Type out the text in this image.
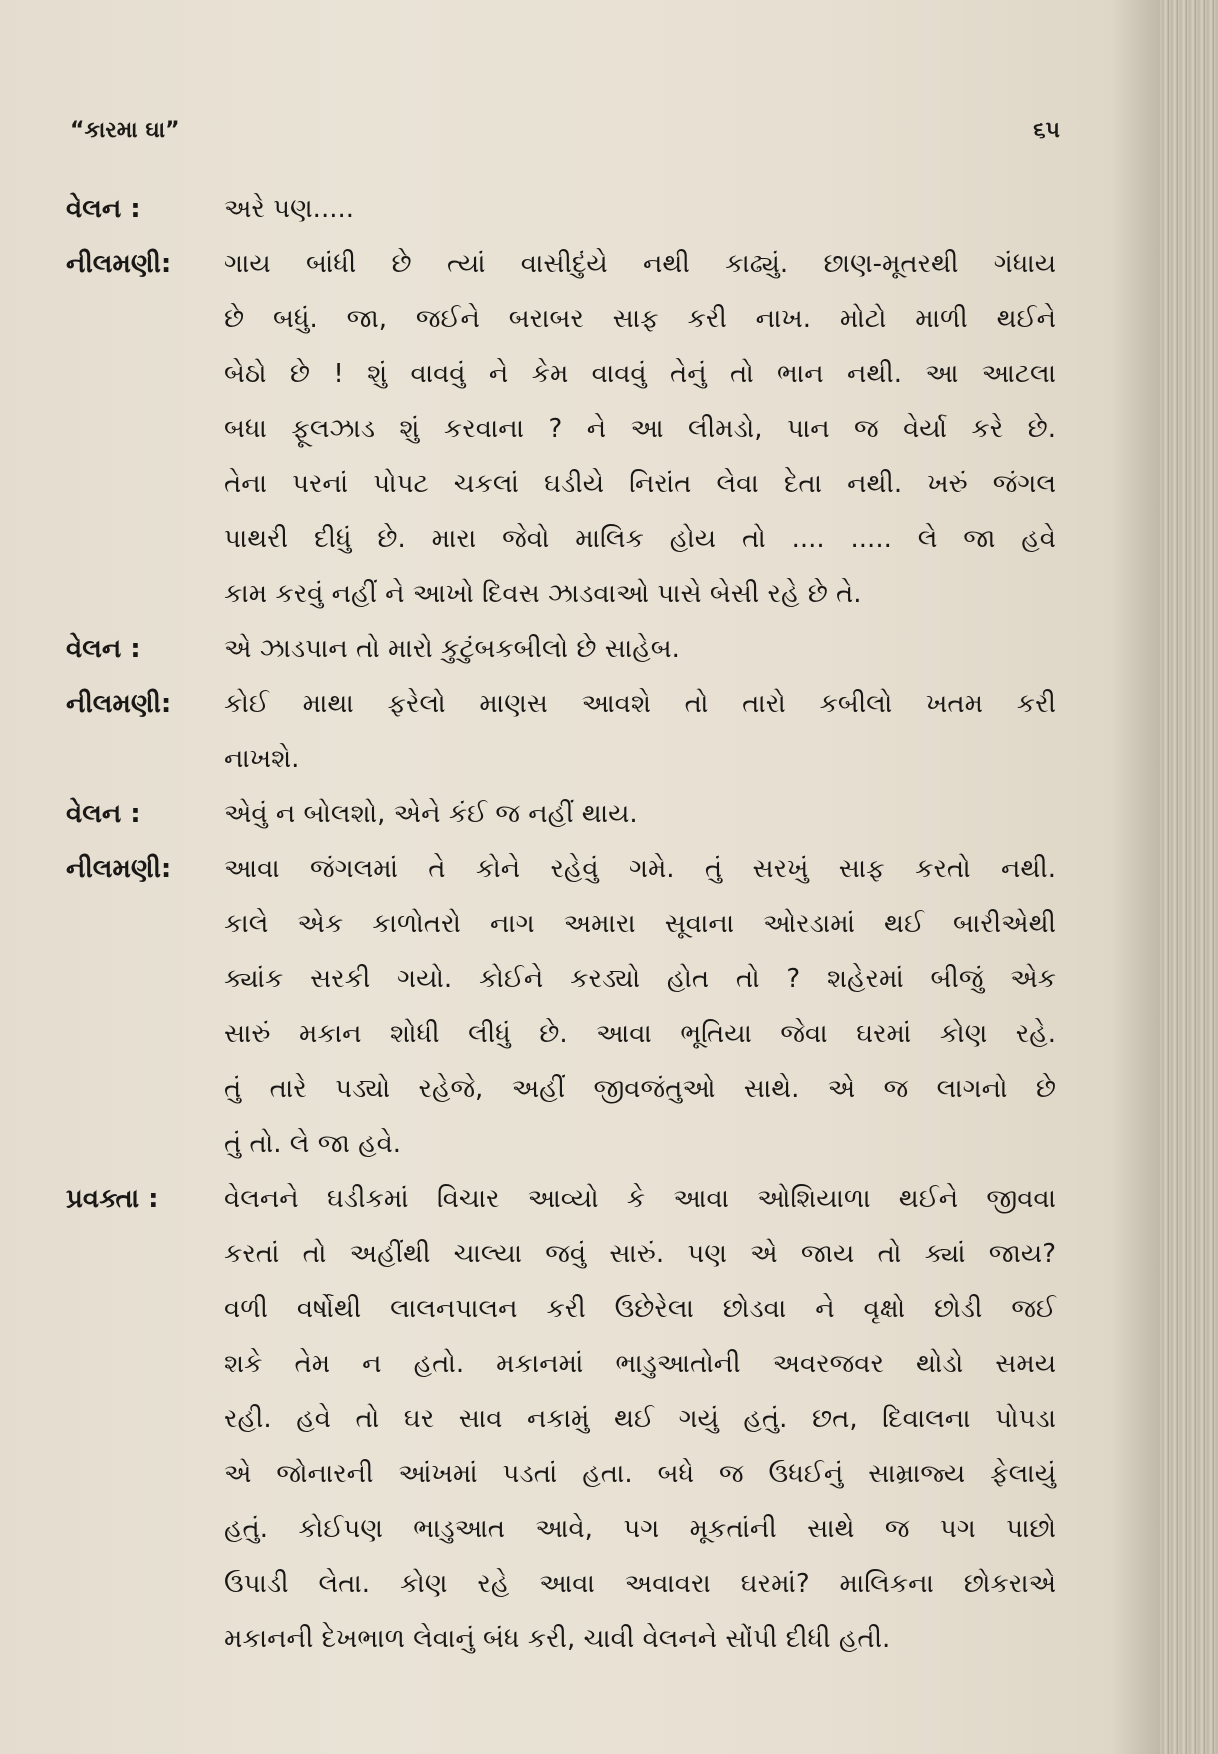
“કારમા ઘા”	૬૫
વેલન :	અરે પણ.....
નીલમણી:	ગાય બાંધી છે ત્યાં વાસીદુંયે નથી કાઢ્યું. છાણ-મૂતરથી ગંધાય
છે બધું. જા, જઈને બરાબર સાફ કરી નાખ. મોટો માળી થઈને
બેઠો છે ! શું વાવવું ને કેમ વાવવું તેનું તો ભાન નથી. આ આટલા
બધા ફૂલઝાડ શું કરવાના ? ને આ લીમડો, પાન જ વેર્યા કરે છે.
તેના પરનાં પોપટ ચકલાં ઘડીયે નિરાંત લેવા દેતા નથી. ખરું જંગલ
પાથરી દીધું છે. મારા જેવો માલિક હોય તો .... ..... લે જા હવે
કામ કરવું નહીં ને આખો દિવસ ઝાડવાઓ પાસે બેસી રહે છે તે.
વેલન :	એ ઝાડપાન તો મારો કુટુંબકબીલો છે સાહેબ.
નીલમણી:	કોઈ માથા ફરેલો માણસ આવશે તો તારો કબીલો ખતમ કરી
નાખશે.
વેલન :	એવું ન બોલશો, એને કંઈ જ નહીં થાય.
નીલમણી:	આવા જંગલમાં તે કોને રહેવું ગમે. તું સરખું સાફ કરતો નથી.
કાલે એક કાળોતરો નાગ અમારા સૂવાના ઓરડામાં થઈ બારીએથી
ક્યાંક સરકી ગયો. કોઈને કરડ્યો હોત તો ? શહેરમાં બીજું એક
સારું મકાન શોધી લીધું છે. આવા ભૂતિયા જેવા ઘરમાં કોણ રહે.
તું તારે પડ્યો રહેજે, અહીં જીવજંતુઓ સાથે. એ જ લાગનો છે
તું તો. લે જા હવે.
પ્રવક્તા :	વેલનને ઘડીકમાં વિચાર આવ્યો કે આવા ઓશિયાળા થઈને જીવવા
કરતાં તો અહીંથી ચાલ્યા જવું સારું. પણ એ જાય તો ક્યાં જાય?
વળી વર્ષોથી લાલનપાલન કરી ઉછેરેલા છોડવા ને વૃક્ષો છોડી જઈ
શકે તેમ ન હતો. મકાનમાં ભાડુઆતોની અવરજવર થોડો સમય
રહી. હવે તો ઘર સાવ નકામું થઈ ગયું હતું. છત, દિવાલના પોપડા
એ જોનારની આંખમાં પડતાં હતા. બધે જ ઉધઈનું સામ્રાજ્ય ફેલાયું
હતું. કોઈપણ ભાડુઆત આવે, પગ મૂકતાંની સાથે જ પગ પાછો
ઉપાડી લેતા. કોણ રહે આવા અવાવરા ઘરમાં? માલિકના છોકરાએ
મકાનની દેખભાળ લેવાનું બંધ કરી, ચાવી વેલનને સોંપી દીધી હતી.
